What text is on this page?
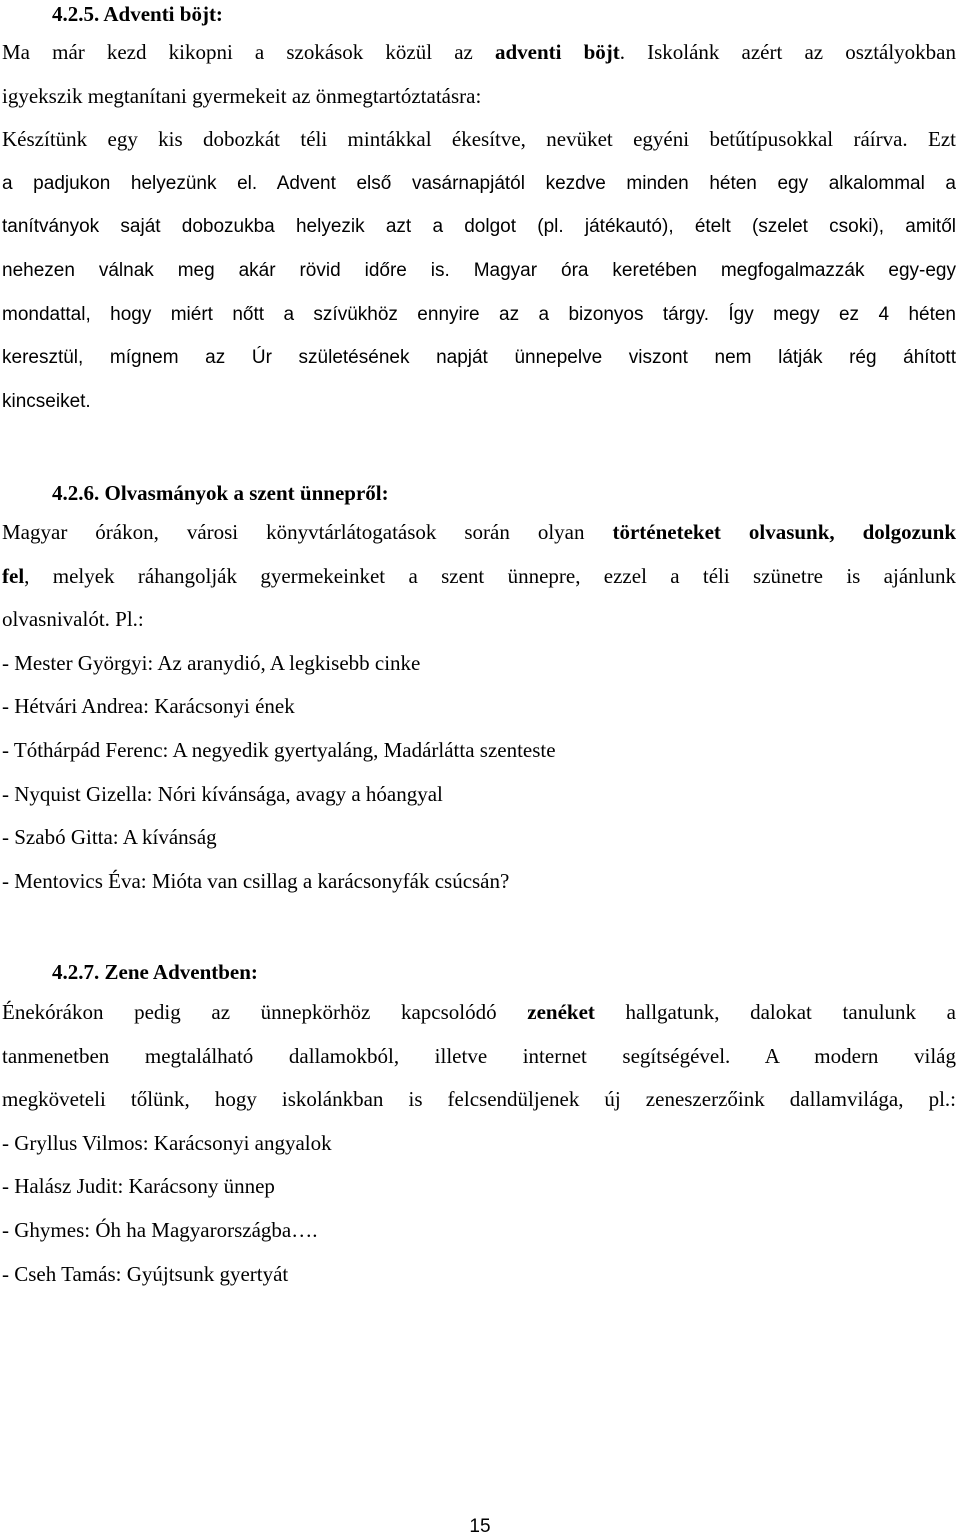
4.2.5. Adventi böjt:
Ma már kezd kikopni a szokások közül az adventi böjt. Iskolánk azért az osztályokban
igyekszik megtanítani gyermekeit az önmegtartóztatásra:
Készítünk egy kis dobozkát téli mintákkal ékesítve, nevüket egyéni betűtípusokkal ráírva. Ezt
a padjukon helyezünk el. Advent első vasárnapjától kezdve minden héten egy alkalommal a
tanítványok saját dobozukba helyezik azt a dolgot (pl. játékautó), ételt (szelet csoki), amitől
nehezen válnak meg akár rövid időre is. Magyar óra keretében megfogalmazzák egy-egy
mondattal, hogy miért nőtt a szívükhöz ennyire az a bizonyos tárgy. Így megy ez 4 héten
keresztül, mígnem az Úr születésének napját ünnepelve viszont nem látják rég áhított
kincseiket.
4.2.6. Olvasmányok a szent ünnepről:
Magyar órákon, városi könyvtárlátogatások során olyan történeteket olvasunk, dolgozunk
fel, melyek ráhangolják gyermekeinket a szent ünnepre, ezzel a téli szünetre is ajánlunk
olvasnivalót. Pl.:
- Mester Györgyi: Az aranydió, A legkisebb cinke
- Hétvári Andrea: Karácsonyi ének
- Tóthárpád Ferenc: A negyedik gyertyaláng, Madárlátta szenteste
- Nyquist Gizella: Nóri kívánsága, avagy a hóangyal
- Szabó Gitta: A kívánság
- Mentovics Éva: Mióta van csillag a karácsonyfák csúcsán?
4.2.7. Zene Adventben:
Énekórákon pedig az ünnepkörhöz kapcsolódó zenéket hallgatunk, dalokat tanulunk a
tanmenetben megtalálható dallamokból, illetve internet segítségével. A modern világ
megköveteli tőlünk, hogy iskolánkban is felcsendüljenek új zeneszerzőink dallamvilága, pl.:
- Gryllus Vilmos: Karácsonyi angyalok
- Halász Judit: Karácsony ünnep
- Ghymes: Óh ha Magyarországba….
- Cseh Tamás: Gyújtsunk gyertyát
15
